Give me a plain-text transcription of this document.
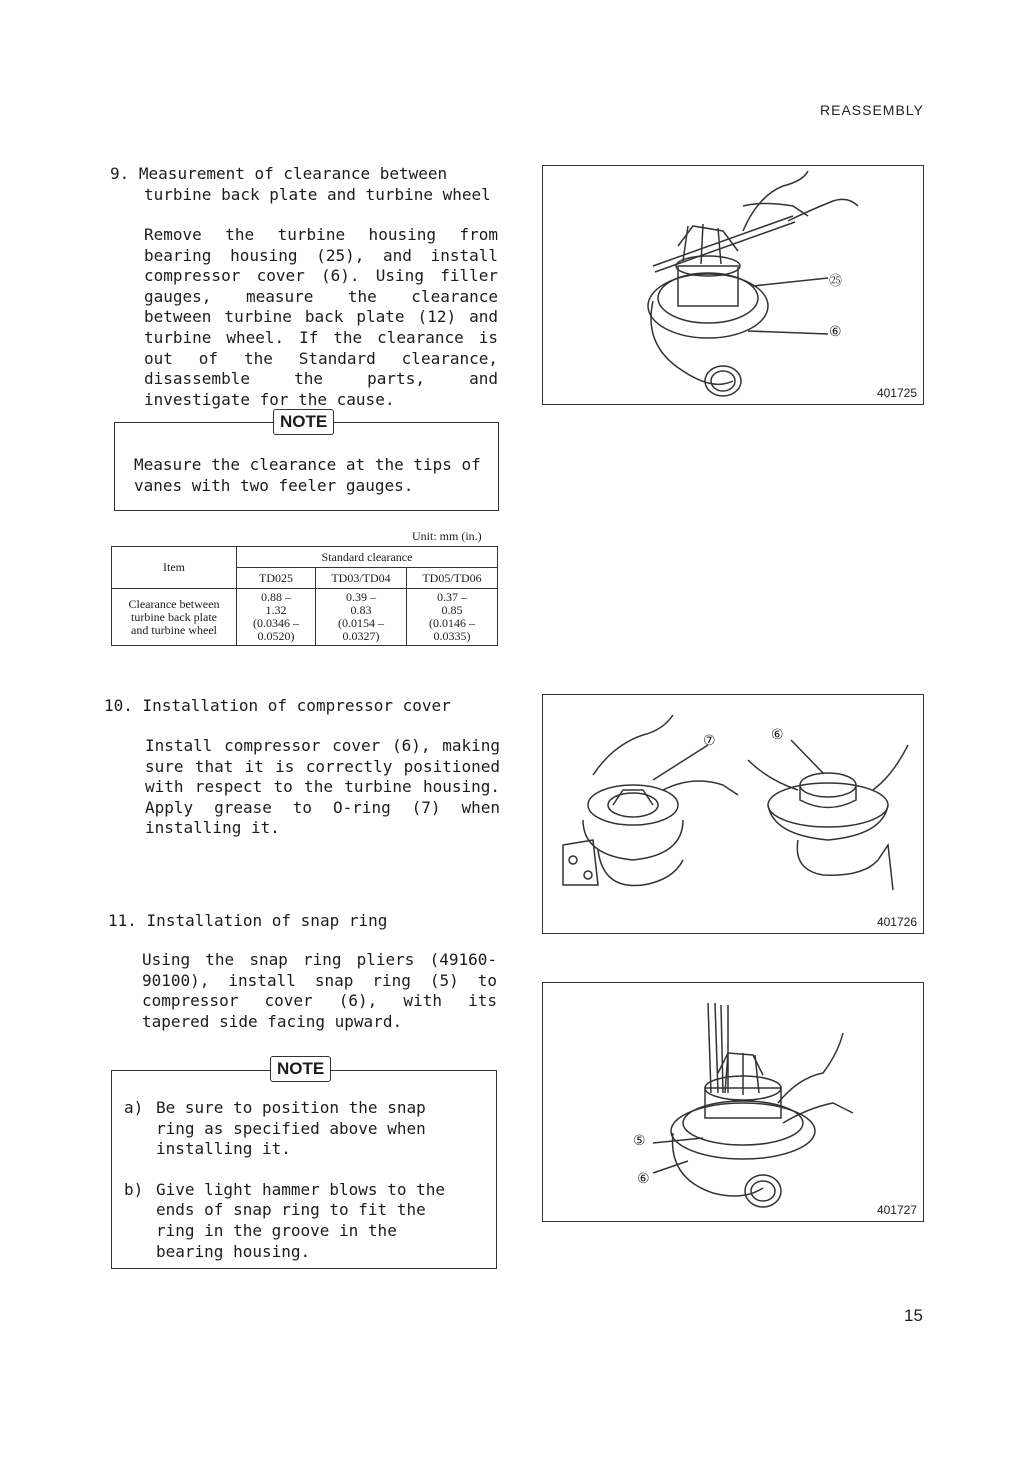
REASSEMBLY
9. Measurement of clearance between
turbine back plate and turbine wheel
Remove the turbine housing from bearing housing (25), and install compressor cover (6). Using filler gauges, measure the clearance between turbine back plate (12) and turbine wheel. If the clearance is out of the Standard clearance, disassemble the parts, and investigate for the cause.
Measure the clearance at the tips of vanes with two feeler gauges.
NOTE
Unit: mm (in.)
Item	Standard clearance		
	TD025	TD03/TD04	TD05/TD06
Clearance between
turbine back plate
and turbine wheel	0.88 –
1.32
(0.0346 –
0.0520)	0.39 –
0.83
(0.0154 –
0.0327)	0.37 –
0.85
(0.0146 –
0.0335)
10. Installation of compressor cover
Install compressor cover (6), making sure that it is correctly positioned with respect to the turbine housing. Apply grease to O-ring (7) when installing it.
11. Installation of snap ring
Using the snap ring pliers (49160-90100), install snap ring (5) to compressor cover (6), with its tapered side facing upward.
a) Be sure to position the snap ring as specified above when installing it.
b) Give light hammer blows to the ends of snap ring to fit the ring in the groove in the bearing housing.
NOTE
㉕
⑥
401725
⑦	⑥
401726
⑤
⑥
401727
15
